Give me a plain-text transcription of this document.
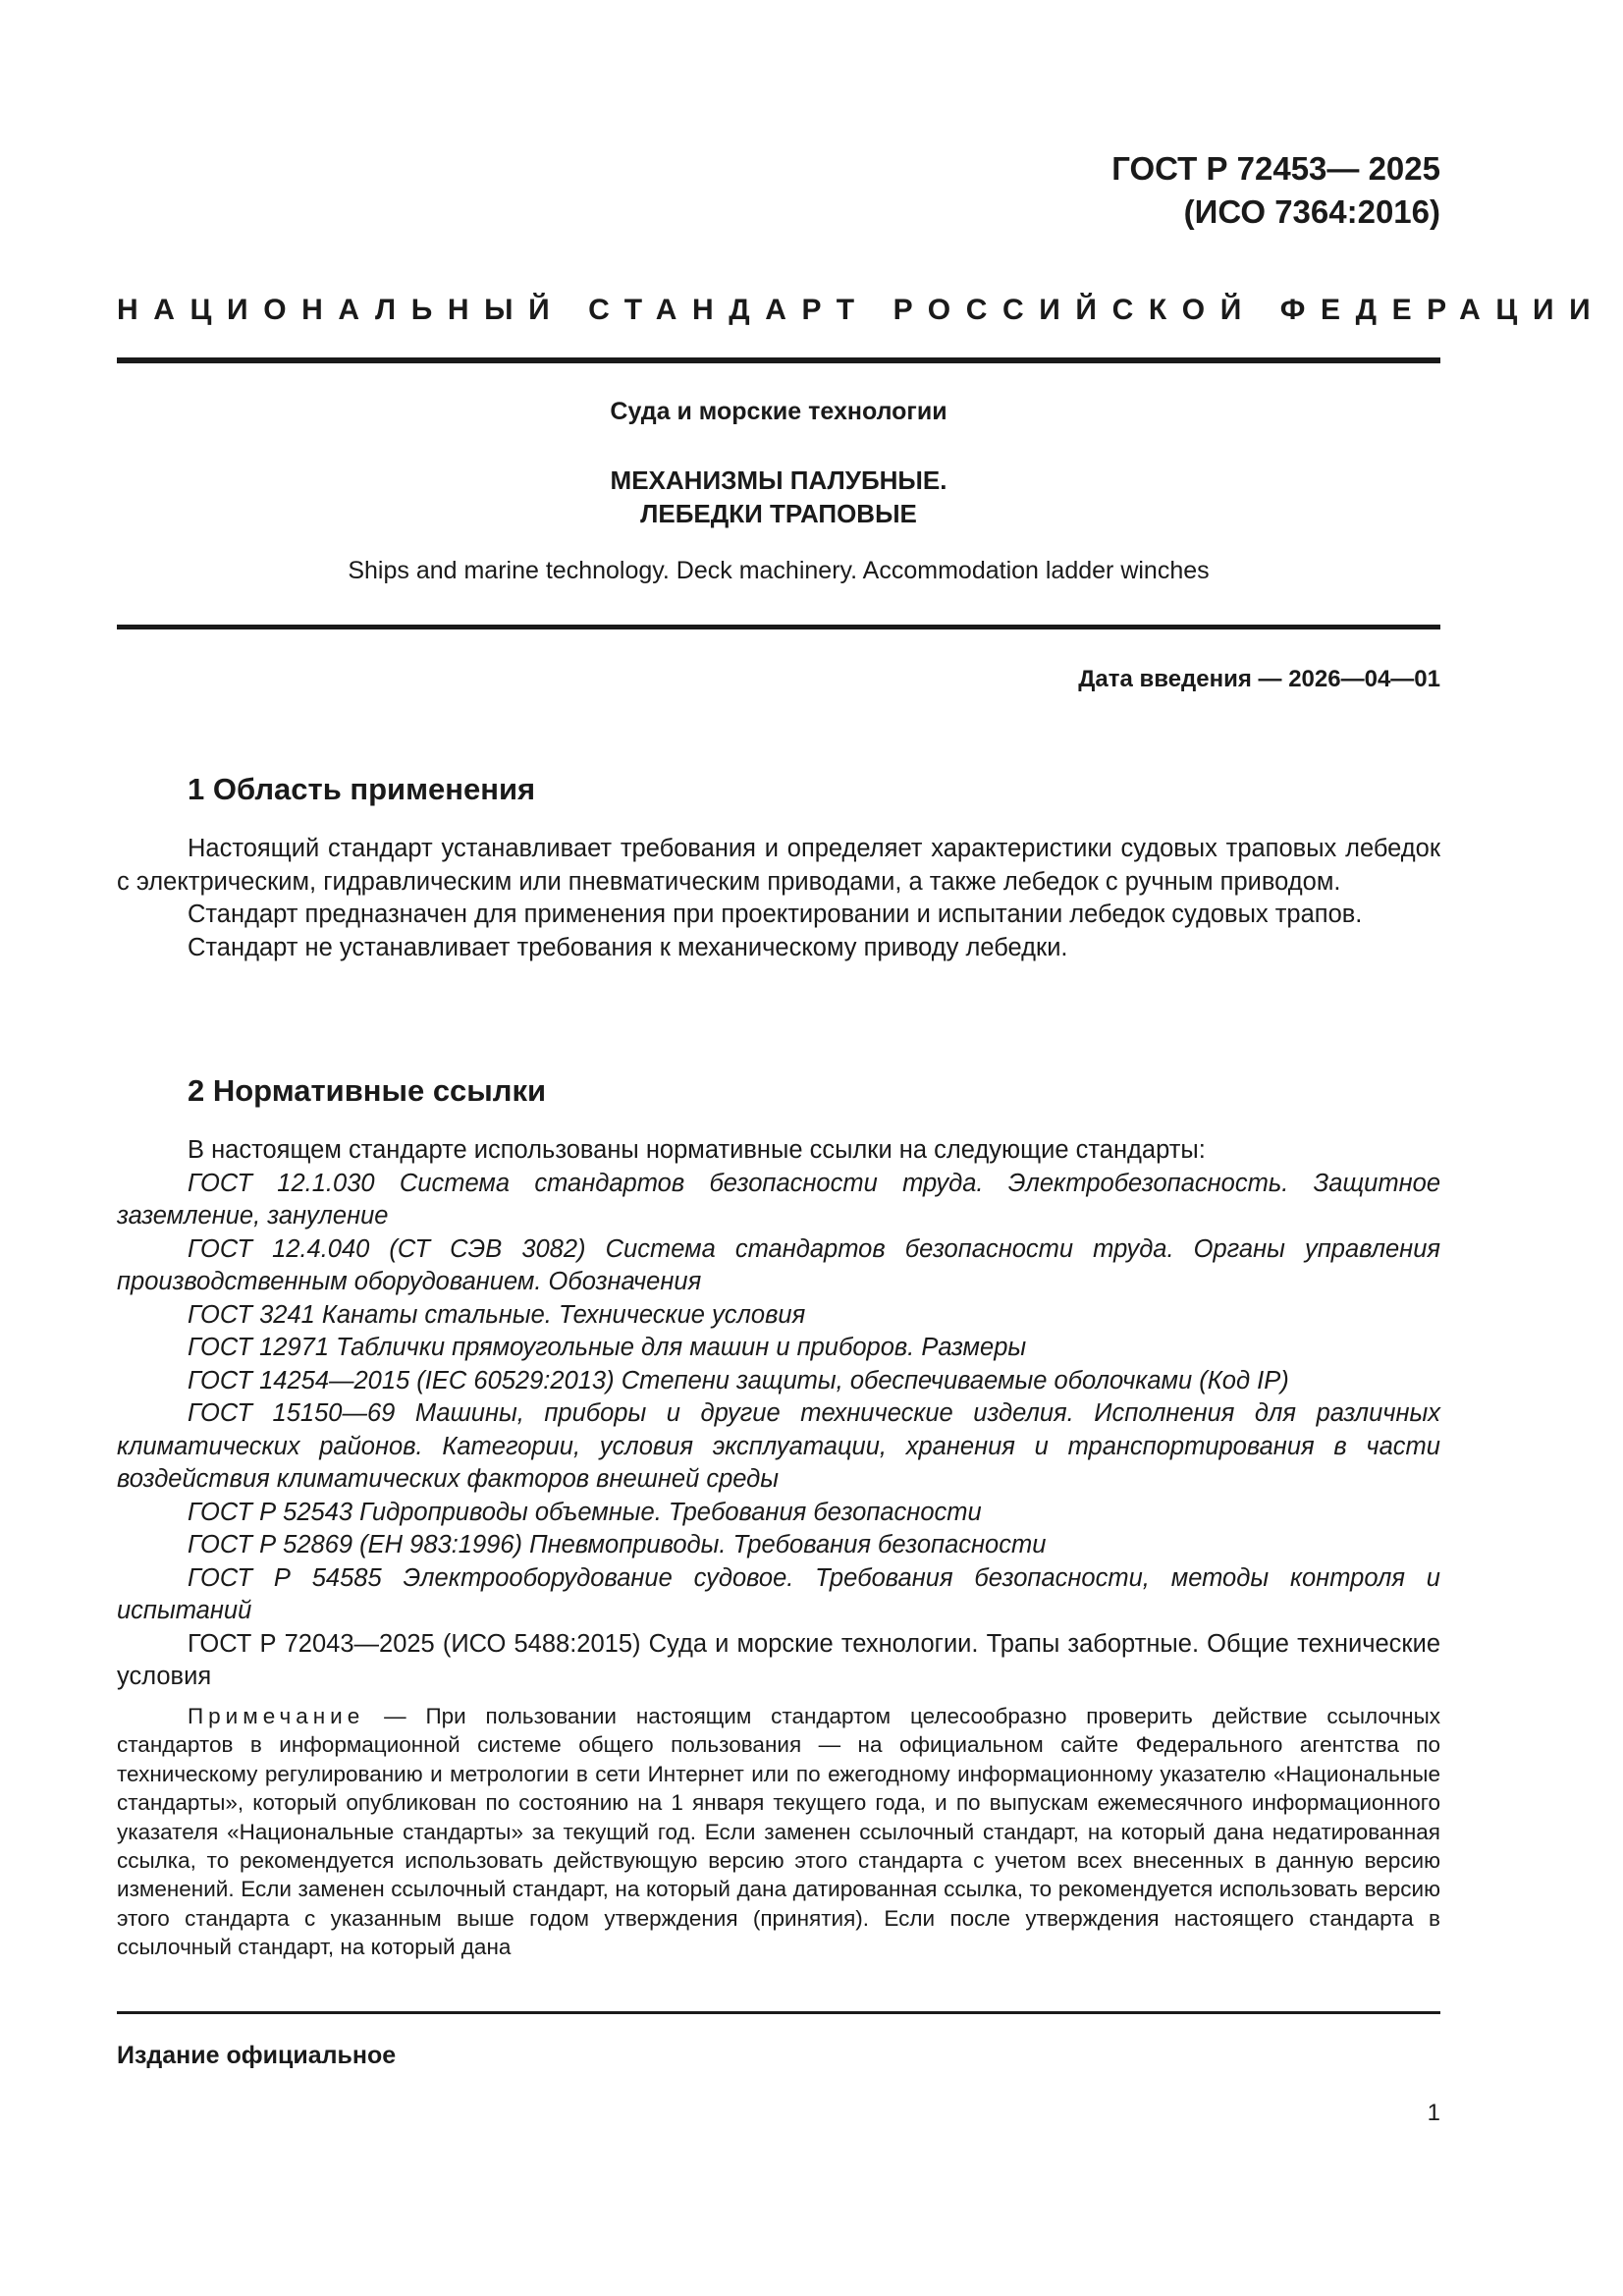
ГОСТ Р 72453— 2025
(ИСО 7364:2016)
НАЦИОНАЛЬНЫЙ СТАНДАРТ РОССИЙСКОЙ ФЕДЕРАЦИИ
Суда и морские технологии
МЕХАНИЗМЫ ПАЛУБНЫЕ.
ЛЕБЕДКИ ТРАПОВЫЕ
Ships and marine technology. Deck machinery. Accommodation ladder winches
Дата введения — 2026—04—01
1 Область применения

Настоящий стандарт устанавливает требования и определяет характеристики судовых траповых лебедок с электрическим, гидравлическим или пневматическим приводами, а также лебедок с ручным приводом.

Стандарт предназначен для применения при проектировании и испытании лебедок судовых трапов.

Стандарт не устанавливает требования к механическому приводу лебедки.

2 Нормативные ссылки

В настоящем стандарте использованы нормативные ссылки на следующие стандарты:

ГОСТ 12.1.030 Система стандартов безопасности труда. Электробезопасность. Защитное заземление, зануление

ГОСТ 12.4.040 (СТ СЭВ 3082) Система стандартов безопасности труда. Органы управления производственным оборудованием. Обозначения

ГОСТ 3241 Канаты стальные. Технические условия

ГОСТ 12971 Таблички прямоугольные для машин и приборов. Размеры

ГОСТ 14254—2015 (IEC 60529:2013) Степени защиты, обеспечиваемые оболочками (Код IP)

ГОСТ 15150—69 Машины, приборы и другие технические изделия. Исполнения для различных климатических районов. Категории, условия эксплуатации, хранения и транспортирования в части воздействия климатических факторов внешней среды

ГОСТ Р 52543 Гидроприводы объемные. Требования безопасности

ГОСТ Р 52869 (ЕН 983:1996) Пневмоприводы. Требования безопасности

ГОСТ Р 54585 Электрооборудование судовое. Требования безопасности, методы контроля и испытаний

ГОСТ Р 72043—2025 (ИСО 5488:2015) Суда и морские технологии. Трапы забортные. Общие технические условия

Примечание — При пользовании настоящим стандартом целесообразно проверить действие ссылочных стандартов в информационной системе общего пользования — на официальном сайте Федерального агентства по техническому регулированию и метрологии в сети Интернет или по ежегодному информационному указателю «Национальные стандарты», который опубликован по состоянию на 1 января текущего года, и по выпускам ежемесячного информационного указателя «Национальные стандарты» за текущий год. Если заменен ссылочный стандарт, на который дана недатированная ссылка, то рекомендуется использовать действующую версию этого стандарта с учетом всех внесенных в данную версию изменений. Если заменен ссылочный стандарт, на который дана датированная ссылка, то рекомендуется использовать версию этого стандарта с указанным выше годом утверждения (принятия). Если после утверждения настоящего стандарта в ссылочный стандарт, на который дана
Издание официальное
1
